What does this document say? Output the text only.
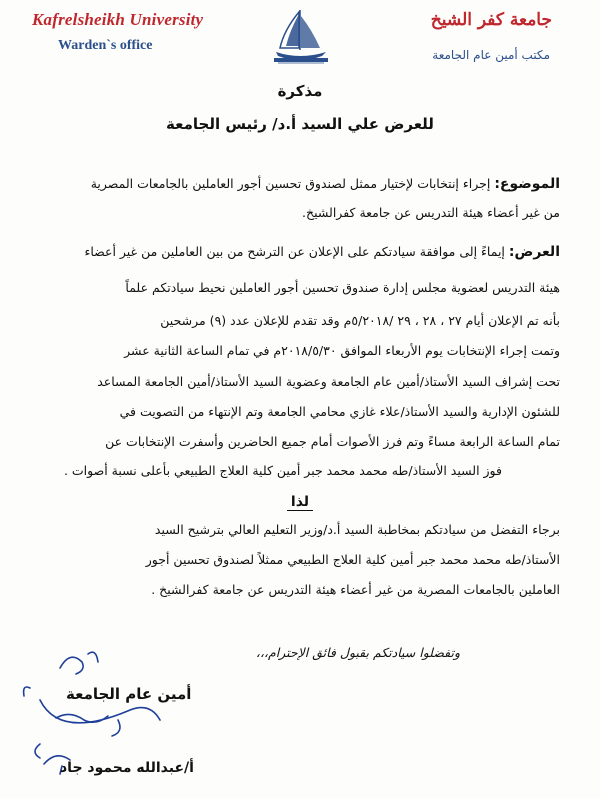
Kafrelsheikh University
Warden`s office
جامعة كفر الشيخ
مكتب أمين عام الجامعة
مذكرة
للعرض علي السيد أ.د/ رئيس الجامعة
الموضوع: إجراء إنتخابات لإختيار ممثل لصندوق تحسين أجور العاملين بالجامعات المصرية
من غير أعضاء هيئة التدريس عن جامعة كفرالشيخ.
العرض: إيماءً إلى موافقة سيادتكم على الإعلان عن الترشح من بين العاملين من غير أعضاء
هيئة التدريس لعضوية مجلس إدارة صندوق تحسين أجور العاملين نحيط سيادتكم علماً
بأنه تم الإعلان أيام ٢٧ ، ٢٨ ، ٢٩ /٥/٢٠١٨م وقد تقدم للإعلان عدد (٩) مرشحين
وتمت إجراء الإنتخابات يوم الأربعاء الموافق ٢٠١٨/٥/٣٠م في تمام الساعة الثانية عشر
تحت إشراف السيد الأستاذ/أمين عام الجامعة وعضوية السيد الأستاذ/أمين الجامعة المساعد
للشئون الإدارية والسيد الأستاذ/علاء غازي محامي الجامعة وتم الإنتهاء من التصويت في
تمام الساعة الرابعة مساءً وتم فرز الأصوات أمام جميع الحاضرين وأسفرت الإنتخابات عن
فوز السيد الأستاذ/طه محمد محمد جبر أمين كلية العلاج الطبيعي بأعلى نسبة أصوات .
لذا
برجاء التفضل من سيادتكم بمخاطبة السيد أ.د/وزير التعليم العالي بترشيح السيد
الأستاذ/طه محمد محمد جبر أمين كلية العلاج الطبيعي ممثلاً لصندوق تحسين أجور
العاملين بالجامعات المصرية من غير أعضاء هيئة التدريس عن جامعة كفرالشيخ .
وتفضلوا سيادتكم بقبول فائق الإحترام،،،
أمين عام الجامعة
أ/عبدالله محمود جاد
